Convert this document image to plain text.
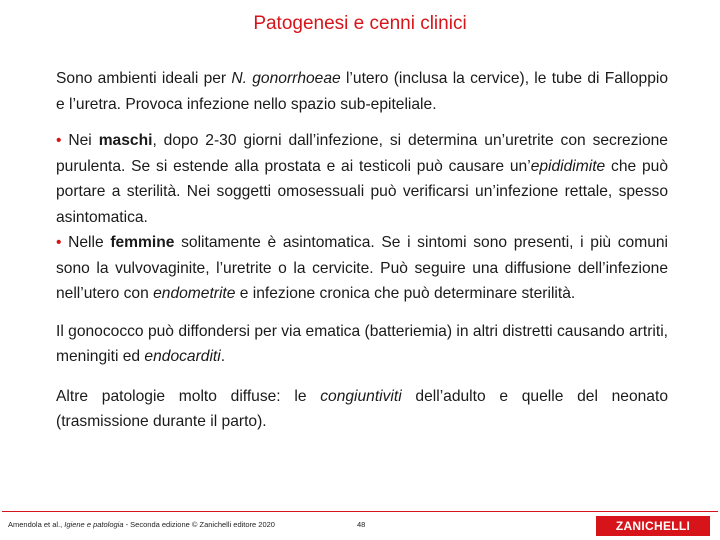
Patogenesi e cenni clinici

Sono ambienti ideali per N. gonorrhoeae l’utero (inclusa la cervice), le tube di Falloppio e l’uretra. Provoca infezione nello spazio sub-epiteliale.

• Nei maschi, dopo 2-30 giorni dall’infezione, si determina un’uretrite con secrezione purulenta. Se si estende alla prostata e ai testicoli può causare un’epididimite che può portare a sterilità. Nei soggetti omosessuali può verificarsi un’infezione rettale, spesso asintomatica.

• Nelle femmine solitamente è asintomatica. Se i sintomi sono presenti, i più comuni sono la vulvovaginite, l’uretrite o la cervicite. Può seguire una diffusione dell’infezione nell’utero con endometrite e infezione cronica che può determinare sterilità.

Il gonococco può diffondersi per via ematica (batteriemia) in altri distretti causando artriti, meningiti ed endocarditi.

Altre patologie molto diffuse: le congiuntiviti dell’adulto e quelle del neonato (trasmissione durante il parto).

Amendola et al., Igiene e patologia - Seconda edizione © Zanichelli editore 2020	48	ZANICHELLI
